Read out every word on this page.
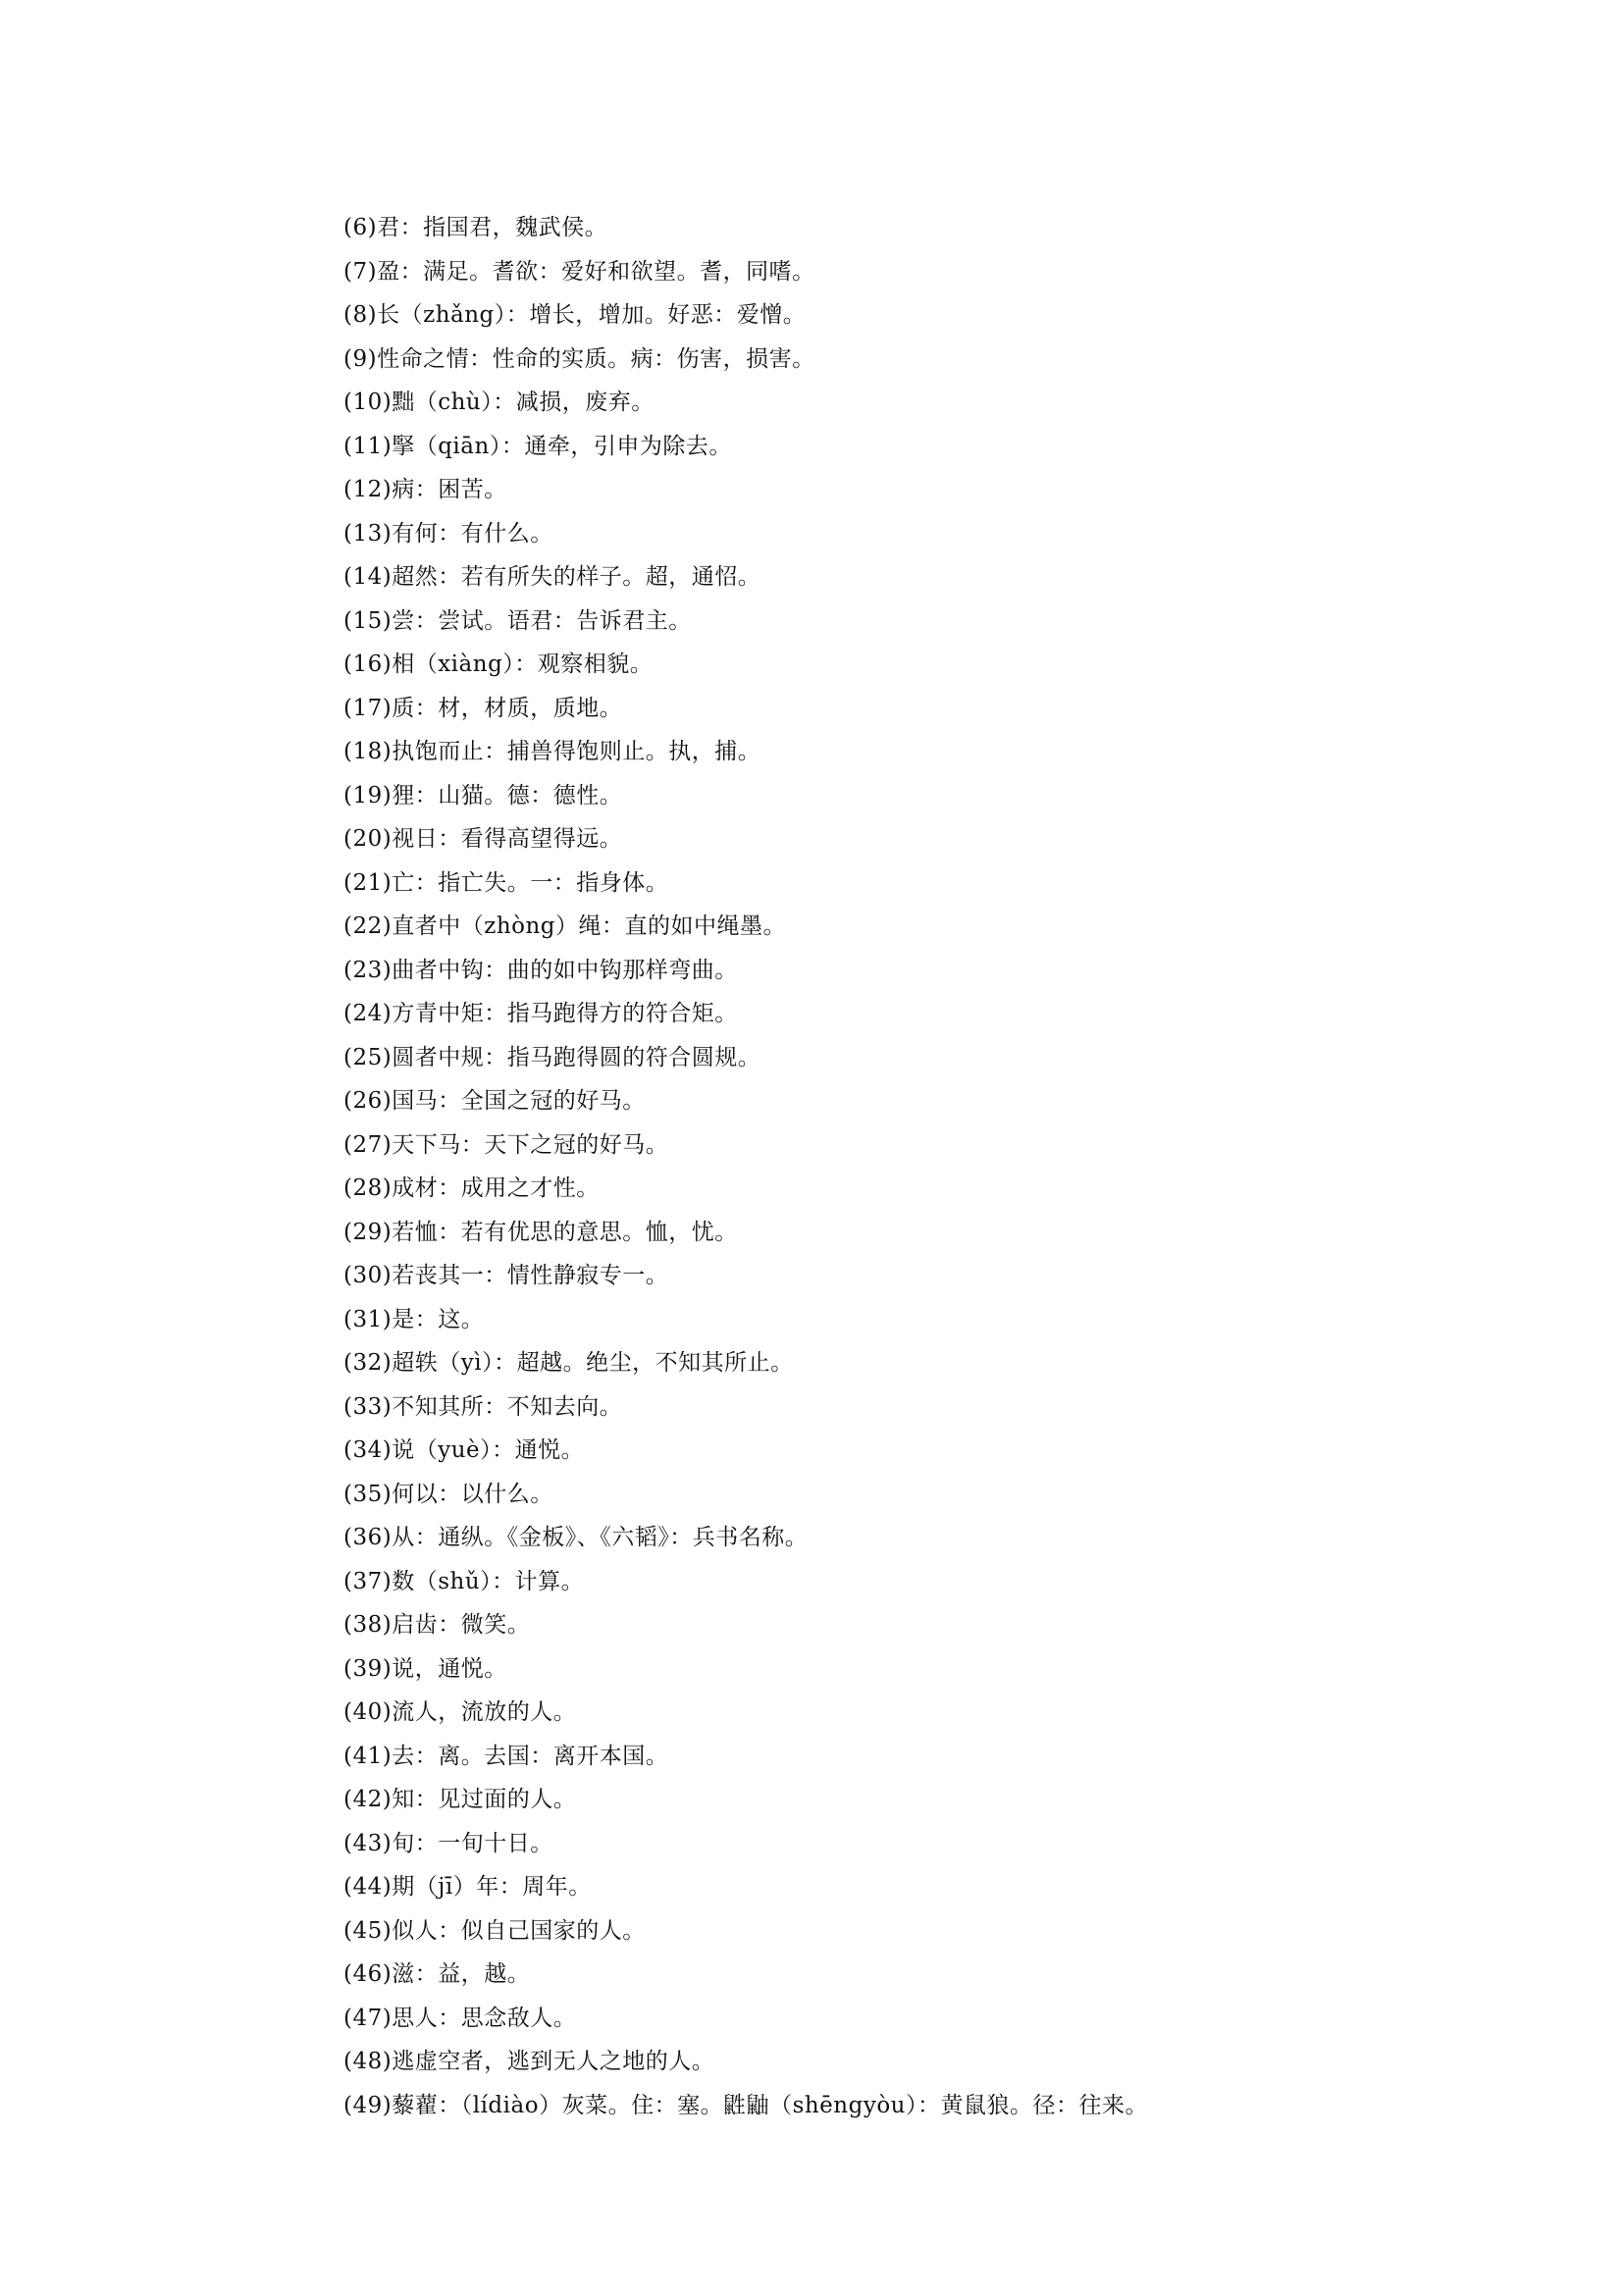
(6)君：指国君，魏武侯。
(7)盈：满足。耆欲：爱好和欲望。耆，同嗜。
(8)长（zhǎng）：增长，增加。好恶：爱憎。
(9)性命之情：性命的实质。病：伤害，损害。
(10)黜（chù）：减损，废弃。
(11)掔（qiān）：通牵，引申为除去。
(12)病：困苦。
(13)有何：有什么。
(14)超然：若有所失的样子。超，通怊。
(15)尝：尝试。语君：告诉君主。
(16)相（xiàng）：观察相貌。
(17)质：材，材质，质地。
(18)执饱而止：捕兽得饱则止。执，捕。
(19)狸：山猫。德：德性。
(20)视日：看得高望得远。
(21)亡：指亡失。一：指身体。
(22)直者中（zhòng）绳：直的如中绳墨。
(23)曲者中钩：曲的如中钩那样弯曲。
(24)方青中矩：指马跑得方的符合矩。
(25)圆者中规：指马跑得圆的符合圆规。
(26)国马：全国之冠的好马。
(27)天下马：天下之冠的好马。
(28)成材：成用之才性。
(29)若恤：若有优思的意思。恤，忧。
(30)若丧其一：情性静寂专一。
(31)是：这。
(32)超轶（yì）：超越。绝尘，不知其所止。
(33)不知其所：不知去向。
(34)说（yuè）：通悦。
(35)何以：以什么。
(36)从：通纵。《金板》、《六韬》：兵书名称。
(37)数（shǔ）：计算。
(38)启齿：微笑。
(39)说，通悦。
(40)流人，流放的人。
(41)去：离。去国：离开本国。
(42)知：见过面的人。
(43)旬：一旬十日。
(44)期（jī）年：周年。
(45)似人：似自己国家的人。
(46)滋：益，越。
(47)思人：思念敌人。
(48)逃虚空者，逃到无人之地的人。
(49)藜藋：（lídiào）灰菜。住：塞。鼪鼬（shēngyòu）：黄鼠狼。径：往来。
